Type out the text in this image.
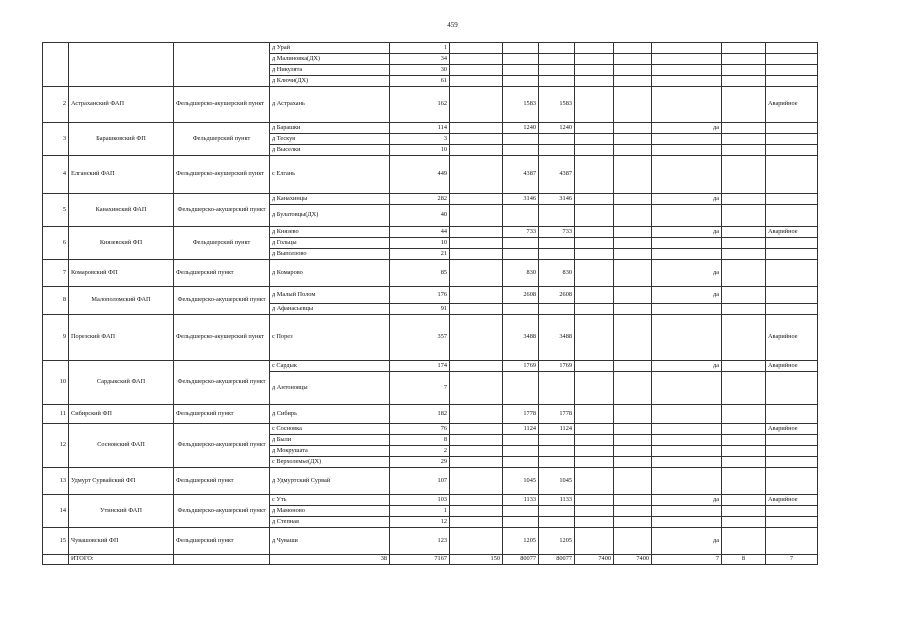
459
			д Урай	1								
			д Малиновка(ДХ)	34								
			д Никулята	30								
			д Ключи(ДХ)	61								
2	Астраханский ФАП	Фельдшерско-акушерский пункт	д Астрахань	162		1583	1583					Аварийное
3	Барашковский ФП	Фельдшерский пункт	д Барашки	114		1240	1240			да		
			д Тескуя	3								
			д Выселки	10								
4	Елганский ФАП	Фельдшерско-акушерский пункт	с Елгань	449		4387	4387					
5	Канахинский ФАП	Фельдшерско-акушерский пункт	д Канахинцы	282		3146	3146			да		
			д Булатовцы(ДХ)	40								
6	Князевский ФП	Фельдшерский пункт	д Князево	44		733	733			да		Аварийное
			д Гольцы	10								
			д Выползово	21								
7	Комаровский ФП	Фельдшерский пункт	д Комарово	85		830	830			да		
8	Малополомский ФАП	Фельдшерско-акушерский пункт	д Малый Полом	176		2608	2608			да		
			д Афанасьевцы	91								
9	Порезский ФАП	Фельдшерско-акушерский пункт	с Порез	357		3488	3488					Аварийное
10	Сардыкский ФАП	Фельдшерско-акушерский пункт	с Сардык	174		1769	1769			да		Аварийное
			д Антоновцы	7								
11	Сибирский ФП	Фельдшерский пункт	д Сибирь	182		1778	1778					
12	Сосновский ФАП	Фельдшерско-акушерский пункт	с Сосновка	76		1124	1124					Аварийное
			д Были	8								
			д Мокрушата	2								
			с Верхолемье(ДХ)	29								
13	Удмурт Сурвайский ФП	Фельдшерский пункт	д Удмуртский Сурвай	107		1045	1045					
14	Утинский ФАП	Фельдшерско-акушерский пункт	с Уть	103		1133	1133			да		Аварийное
			д Мамоново	1								
			д Степная	12								
15	Чувашовский ФП	Фельдшерский пункт	д Чуваши	123		1205	1205			да		
	ИТОГО:		38	7167	150	80077	80077	7400	7400	7	8	7
